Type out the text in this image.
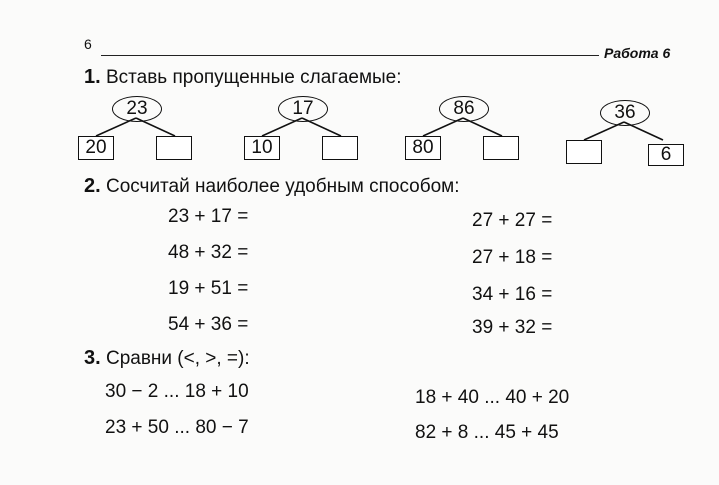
6
Работа 6
1. Вставь пропущенные слагаемые:
23
20
17
10
86
80
36
6
2. Сосчитай наиболее удобным способом:
23 + 17 =
48 + 32 =
19 + 51 =
54 + 36 =
27 + 27 =
27 + 18 =
34 + 16 =
39 + 32 =
3. Сравни (<, >, =):
30 − 2 ... 18 + 10
23 + 50 ... 80 − 7
18 + 40 ... 40 + 20
82 + 8 ... 45 + 45
